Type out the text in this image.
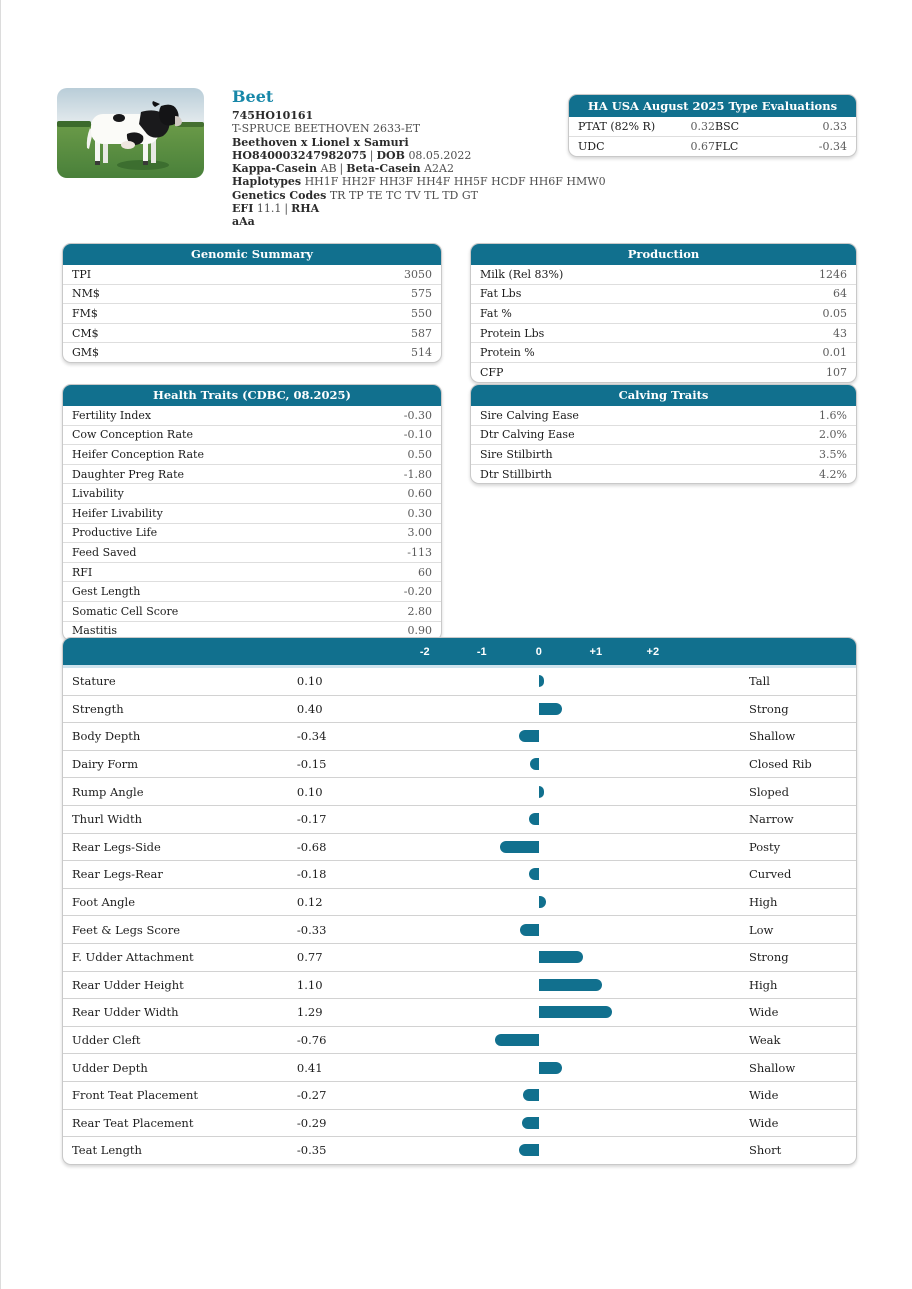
Beet
745HO10161
T-SPRUCE BEETHOVEN 2633-ET
Beethoven x Lionel x Samuri
HO840003247982075 | DOB 08.05.2022
Kappa-Casein AB | Beta-Casein A2A2
Haplotypes HH1F HH2F HH3F HH4F HH5F HCDF HH6F HMW0
Genetics Codes TR TP TE TC TV TL TD GT
EFI 11.1 | RHA
aAa
HA USA August 2025 Type Evaluations
PTAT (82% R)	0.32 BSC	0.33
UDC	0.67 FLC	-0.34
Genomic Summary
TPI	3050
NM$	575
FM$	550
CM$	587
GM$	514
Production
Milk (Rel 83%)	1246
Fat Lbs	64
Fat %	0.05
Protein Lbs	43
Protein %	0.01
CFP	107
Health Traits (CDBC, 08.2025)
Fertility Index	-0.30
Cow Conception Rate	-0.10
Heifer Conception Rate	0.50
Daughter Preg Rate	-1.80
Livability	0.60
Heifer Livability	0.30
Productive Life	3.00
Feed Saved	-113
RFI	60
Gest Length	-0.20
Somatic Cell Score	2.80
Mastitis	0.90
Calving Traits
Sire Calving Ease	1.6%
Dtr Calving Ease	2.0%
Sire Stilbirth	3.5%
Dtr Stillbirth	4.2%
-2	-1	0	+1	+2
Stature	0.10	Tall
Strength	0.40	Strong
Body Depth	-0.34	Shallow
Dairy Form	-0.15	Closed Rib
Rump Angle	0.10	Sloped
Thurl Width	-0.17	Narrow
Rear Legs-Side	-0.68	Posty
Rear Legs-Rear	-0.18	Curved
Foot Angle	0.12	High
Feet & Legs Score	-0.33	Low
F. Udder Attachment	0.77	Strong
Rear Udder Height	1.10	High
Rear Udder Width	1.29	Wide
Udder Cleft	-0.76	Weak
Udder Depth	0.41	Shallow
Front Teat Placement	-0.27	Wide
Rear Teat Placement	-0.29	Wide
Teat Length	-0.35	Short
